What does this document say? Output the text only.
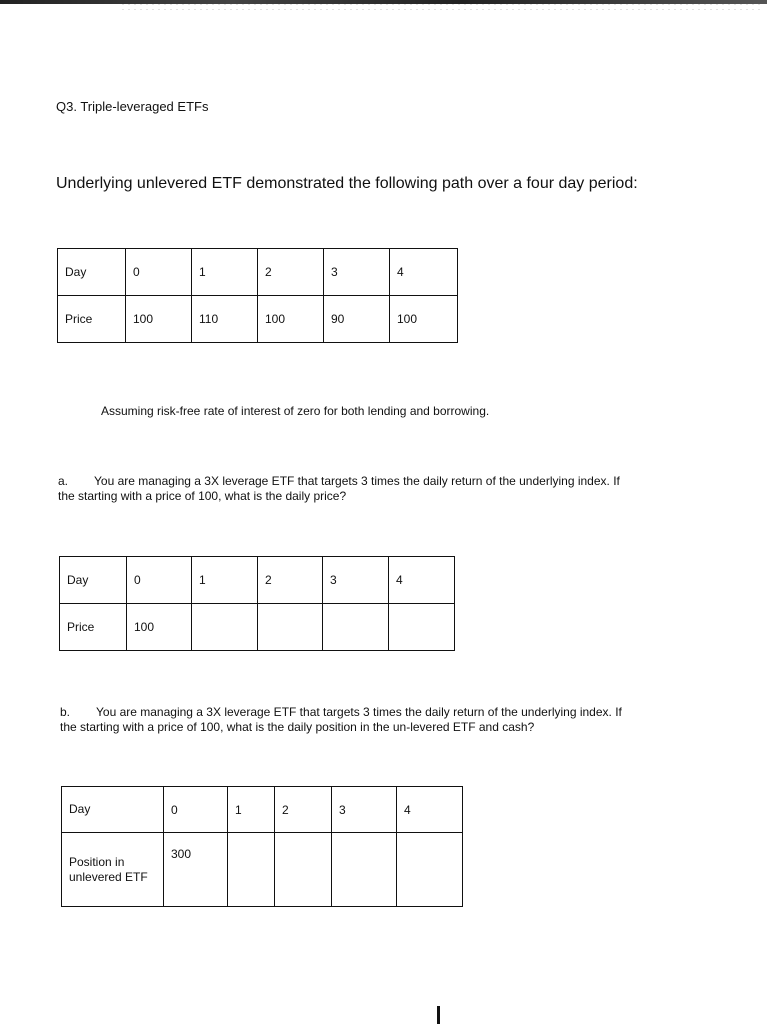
Q3. Triple-leveraged ETFs
Underlying unlevered ETF demonstrated the following path over a four day period:
Day	0	1	2	3	4
Price	100	110	100	90	100
Assuming risk-free rate of interest of zero for both lending and borrowing.
a. You are managing a 3X leverage ETF that targets 3 times the daily return of the underlying index. If
the starting with a price of 100, what is the daily price?
Day	0	1	2	3	4
Price	100				
b. You are managing a 3X leverage ETF that targets 3 times the daily return of the underlying index. If
the starting with a price of 100, what is the daily position in the un-levered ETF and cash?
Day	0	1	2	3	4
Position in
unlevered ETF	300				
